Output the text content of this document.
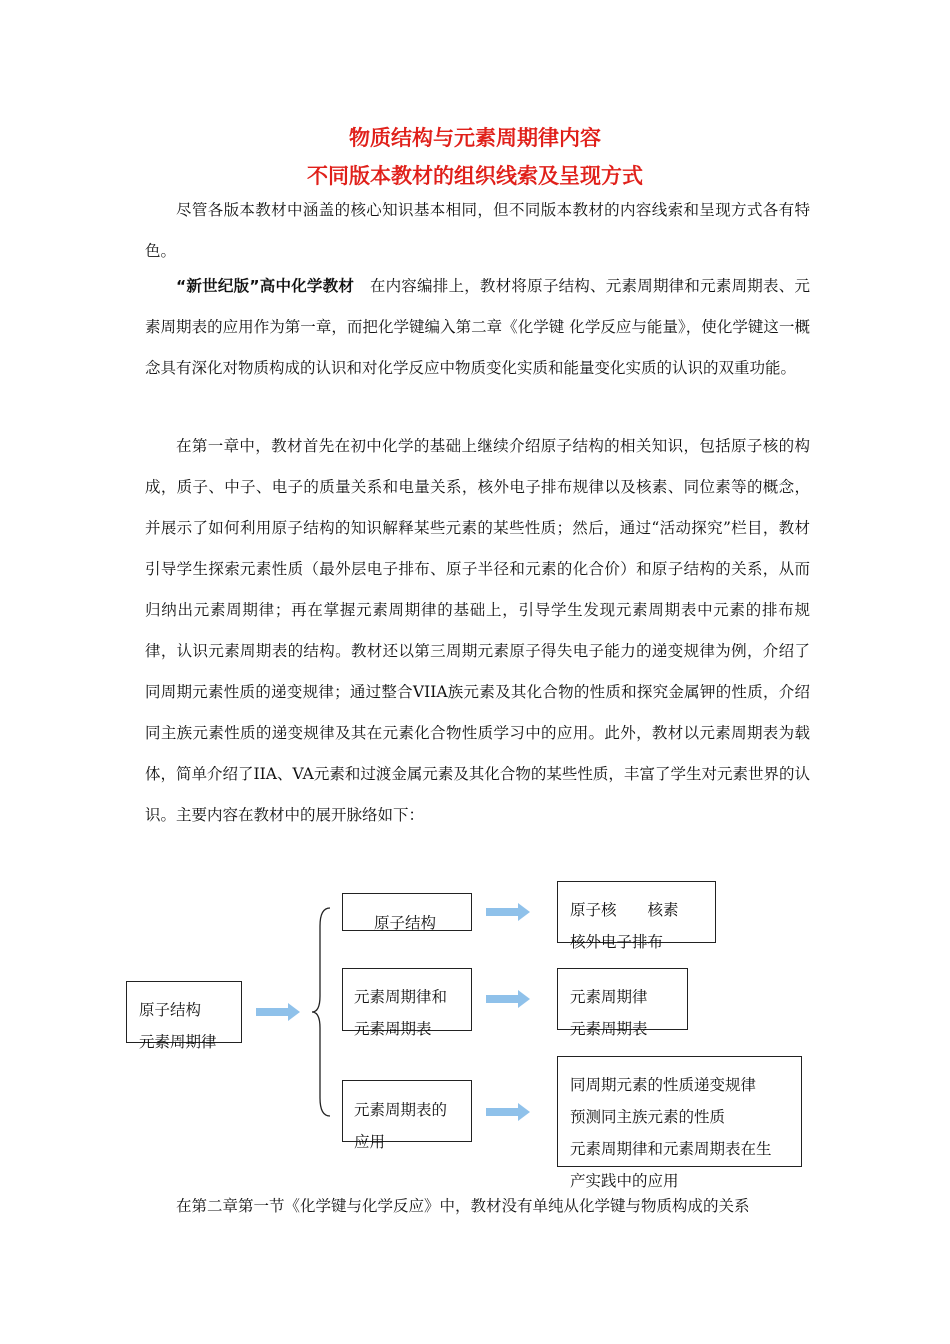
物质结构与元素周期律内容
不同版本教材的组织线索及呈现方式

尽管各版本教材中涵盖的核心知识基本相同，但不同版本教材的内容线索和呈现方式各有特色。

“新世纪版”高中化学教材　在内容编排上，教材将原子结构、元素周期律和元素周期表、元素周期表的应用作为第一章，而把化学键编入第二章《化学键 化学反应与能量》，使化学键这一概念具有深化对物质构成的认识和对化学反应中物质变化实质和能量变化实质的认识的双重功能。

在第一章中，教材首先在初中化学的基础上继续介绍原子结构的相关知识，包括原子核的构成，质子、中子、电子的质量关系和电量关系，核外电子排布规律以及核素、同位素等的概念，并展示了如何利用原子结构的知识解释某些元素的某些性质；然后，通过“活动探究”栏目，教材引导学生探索元素性质（最外层电子排布、原子半径和元素的化合价）和原子结构的关系，从而归纳出元素周期律；再在掌握元素周期律的基础上，引导学生发现元素周期表中元素的排布规律，认识元素周期表的结构。教材还以第三周期元素原子得失电子能力的递变规律为例，介绍了同周期元素性质的递变规律；通过整合VIIA族元素及其化合物的性质和探究金属钾的性质，介绍同主族元素性质的递变规律及其在元素化合物性质学习中的应用。此外，教材以元素周期表为载体，简单介绍了IIA、VA元素和过渡金属元素及其化合物的某些性质，丰富了学生对元素世界的认识。主要内容在教材中的展开脉络如下：

原子结构
元素周期律
原子结构
元素周期律和
元素周期表
元素周期表的
应用
原子核　　核素
核外电子排布
元素周期律
元素周期表
同周期元素的性质递变规律
预测同主族元素的性质
元素周期律和元素周期表在生
产实践中的应用

在第二章第一节《化学键与化学反应》中，教材没有单纯从化学键与物质构成的关系
